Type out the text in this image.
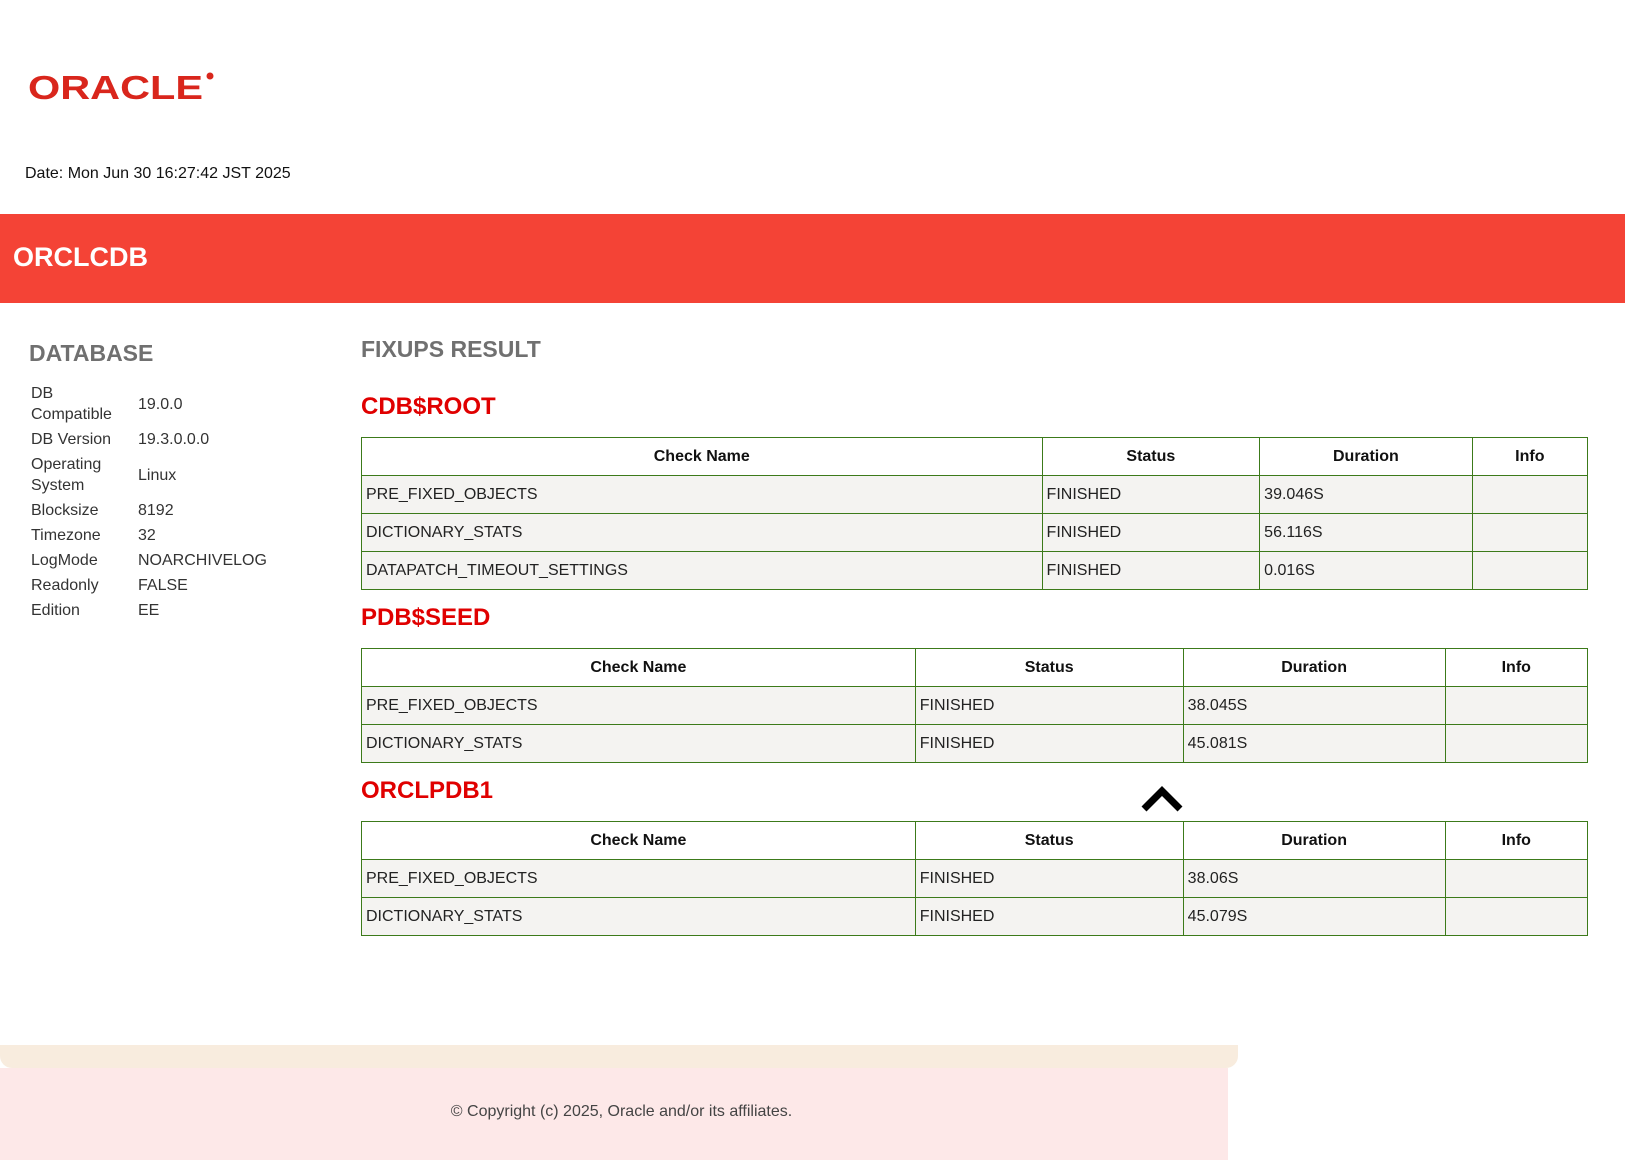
ORACLE
Date: Mon Jun 30 16:27:42 JST 2025
ORCLCDB
DATABASE
DB Compatible	19.0.0
DB Version	19.3.0.0.0
Operating System	Linux
Blocksize	8192
Timezone	32
LogMode	NOARCHIVELOG
Readonly	FALSE
Edition	EE
FIXUPS RESULT
CDB$ROOT
Check Name	Status	Duration	Info
PRE_FIXED_OBJECTS	FINISHED	39.046S	
DICTIONARY_STATS	FINISHED	56.116S	
DATAPATCH_TIMEOUT_SETTINGS	FINISHED	0.016S	
PDB$SEED
Check Name	Status	Duration	Info
PRE_FIXED_OBJECTS	FINISHED	38.045S	
DICTIONARY_STATS	FINISHED	45.081S	
ORCLPDB1
Check Name	Status	Duration	Info
PRE_FIXED_OBJECTS	FINISHED	38.06S	
DICTIONARY_STATS	FINISHED	45.079S	
© Copyright (c) 2025, Oracle and/or its affiliates.
